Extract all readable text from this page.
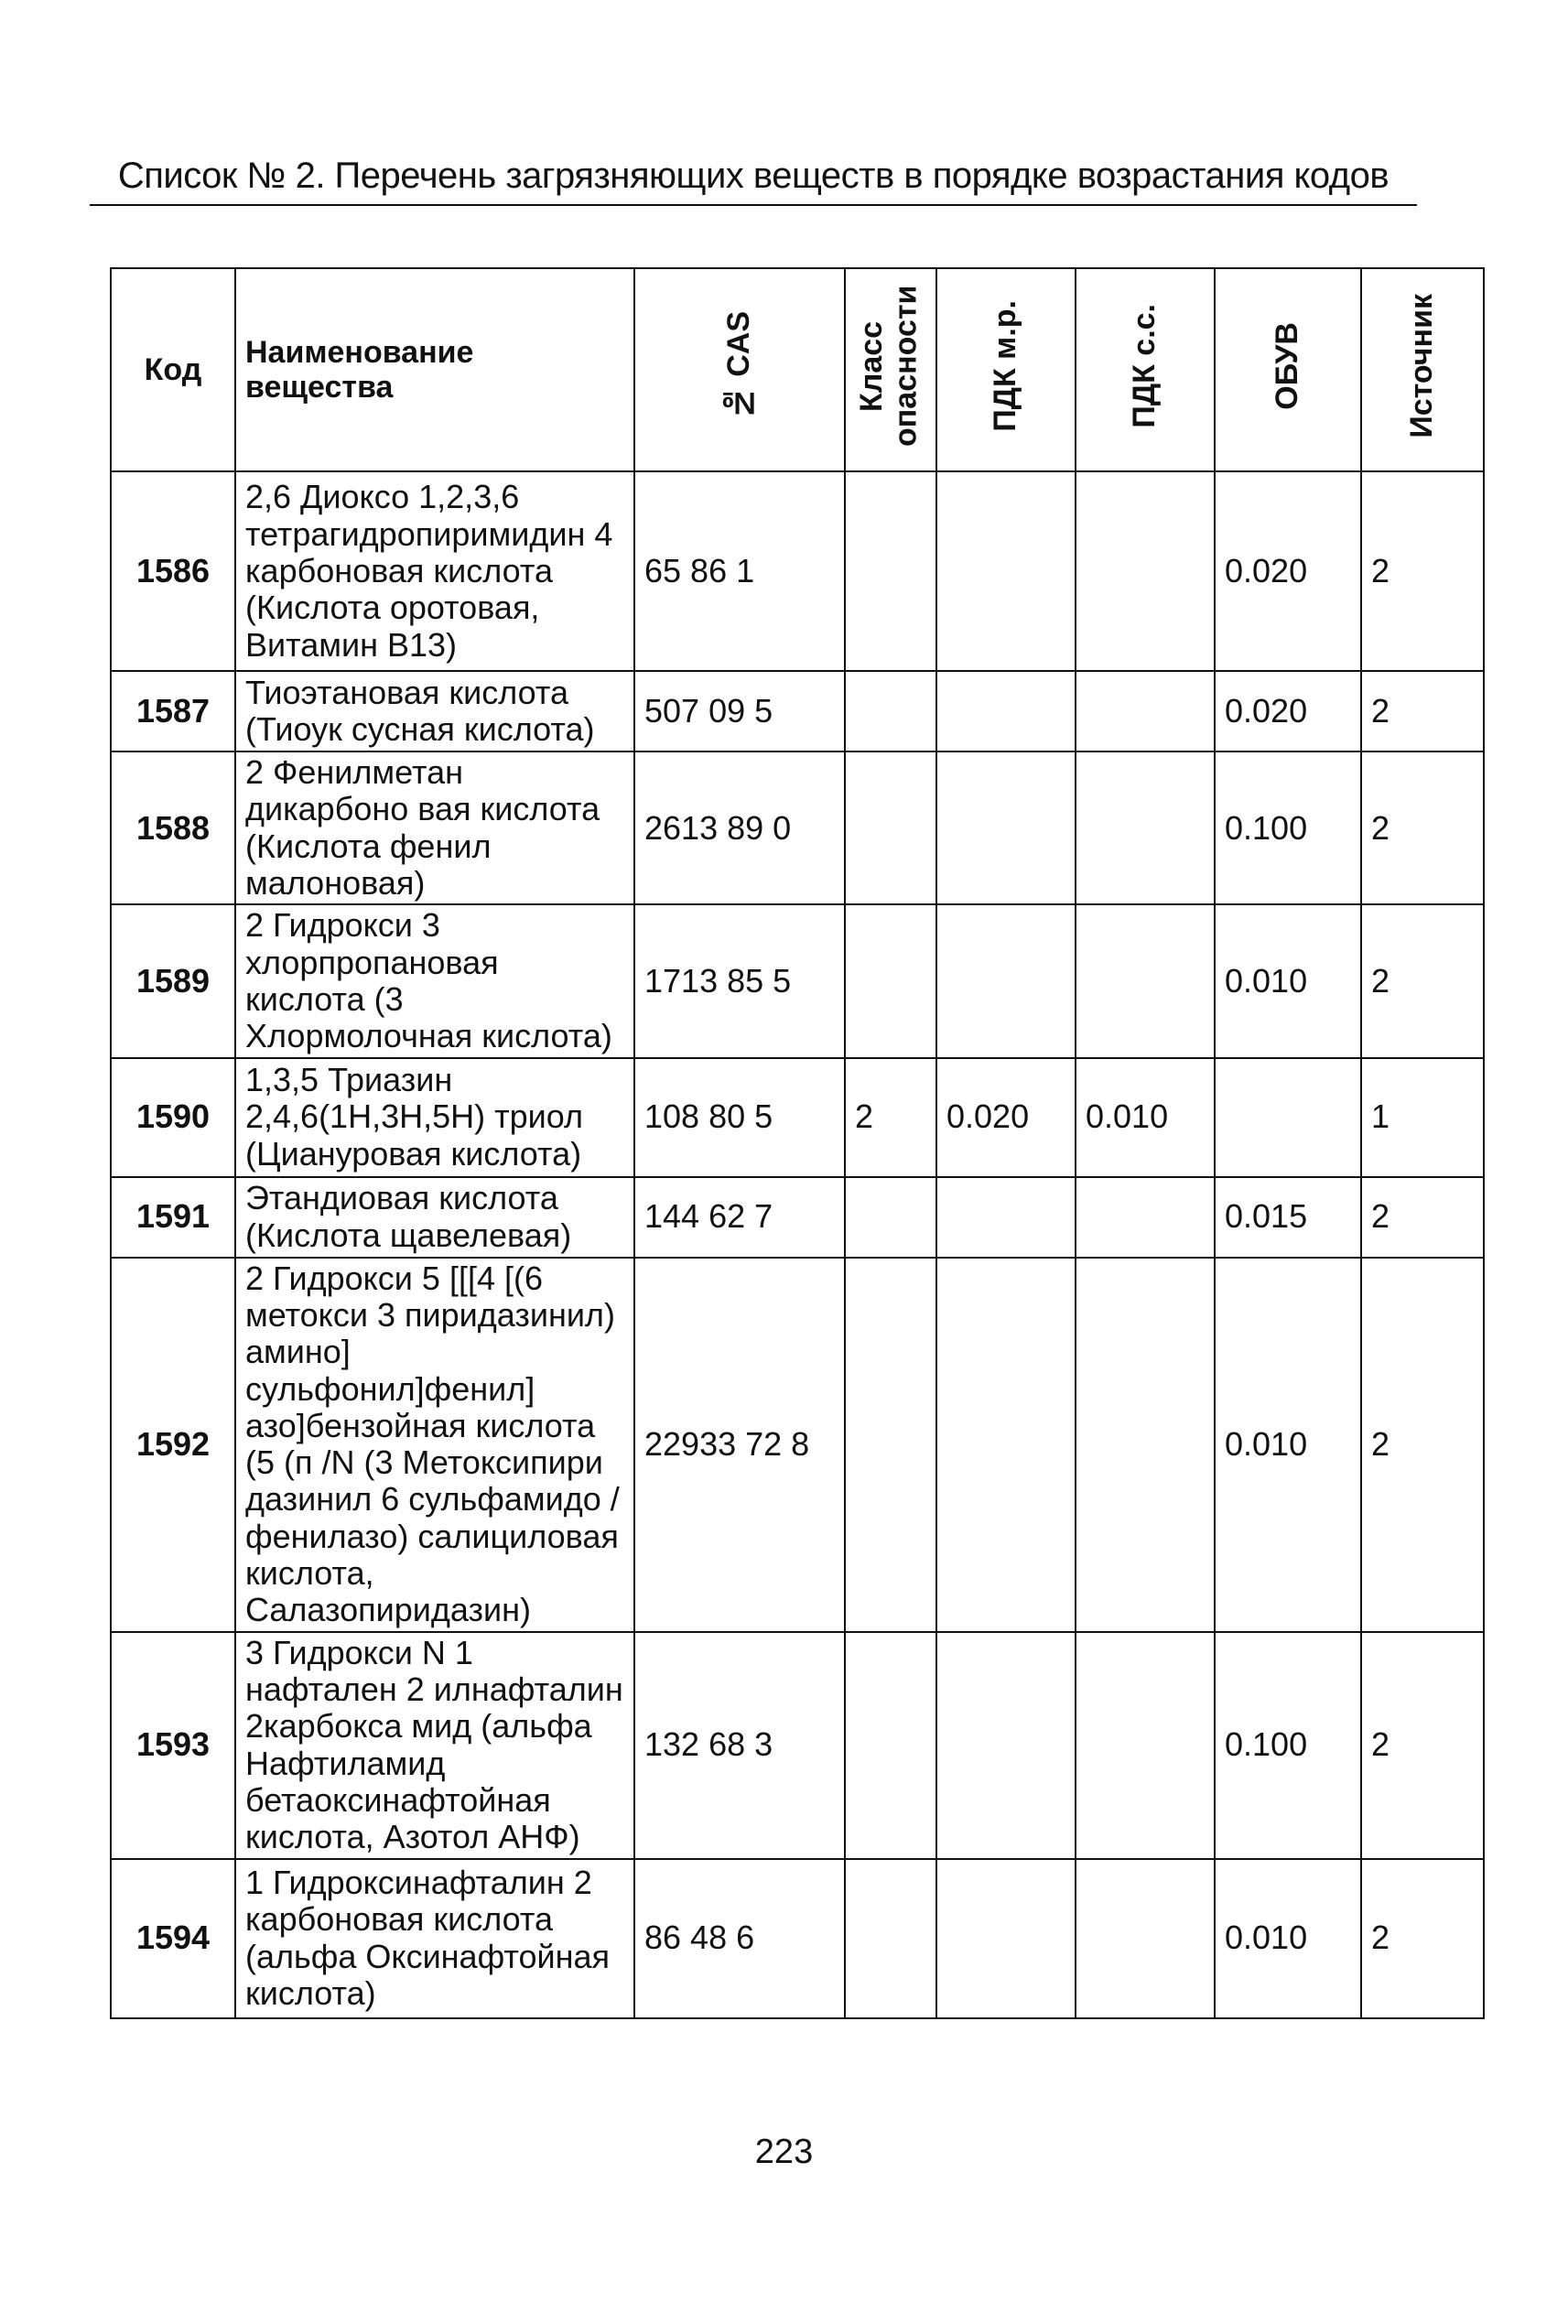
Список № 2. Перечень загрязняющих веществ в порядке возрастания кодов
Код	Наименование вещества	№ CAS	Класс опасности	ПДК м.р.	ПДК с.с.	ОБУВ	Источник
1586	2,6 Диоксо 1,2,3,6 тетрагидропиримидин 4 карбоновая кислота (Кислота оротовая, Витамин B13)	65 86 1				0.020	2
1587	Тиоэтановая кислота (Тиоук сусная кислота)	507 09 5				0.020	2
1588	2 Фенилметан дикарбоно вая кислота (Кислота фенил малоновая)	2613 89 0				0.100	2
1589	2 Гидрокси 3 хлорпропановая кислота (3 Хлормолочная кислота)	1713 85 5				0.010	2
1590	1,3,5 Триазин 2,4,6(1H,3H,5H) триол (Циануровая кислота)	108 80 5	2	0.020	0.010		1
1591	Этандиовая кислота (Кислота щавелевая)	144 62 7				0.015	2
1592	2 Гидрокси 5 [[[4 [(6 метокси 3 пиридазинил) амино] сульфонил]фенил] азо]бензойная кислота (5 (п /N (3 Метоксипири дазинил 6 сульфамидо /фенилазо) салициловая кислота, Салазопиридазин)	22933 72 8				0.010	2
1593	3 Гидрокси N 1 нафтален 2 илнафталин 2карбокса мид (альфа Нафтиламид бетаоксинафтойная кислота, Азотол АНФ)	132 68 3				0.100	2
1594	1 Гидроксинафталин 2 карбоновая кислота (альфа Оксинафтойная кислота)	86 48 6				0.010	2
223
